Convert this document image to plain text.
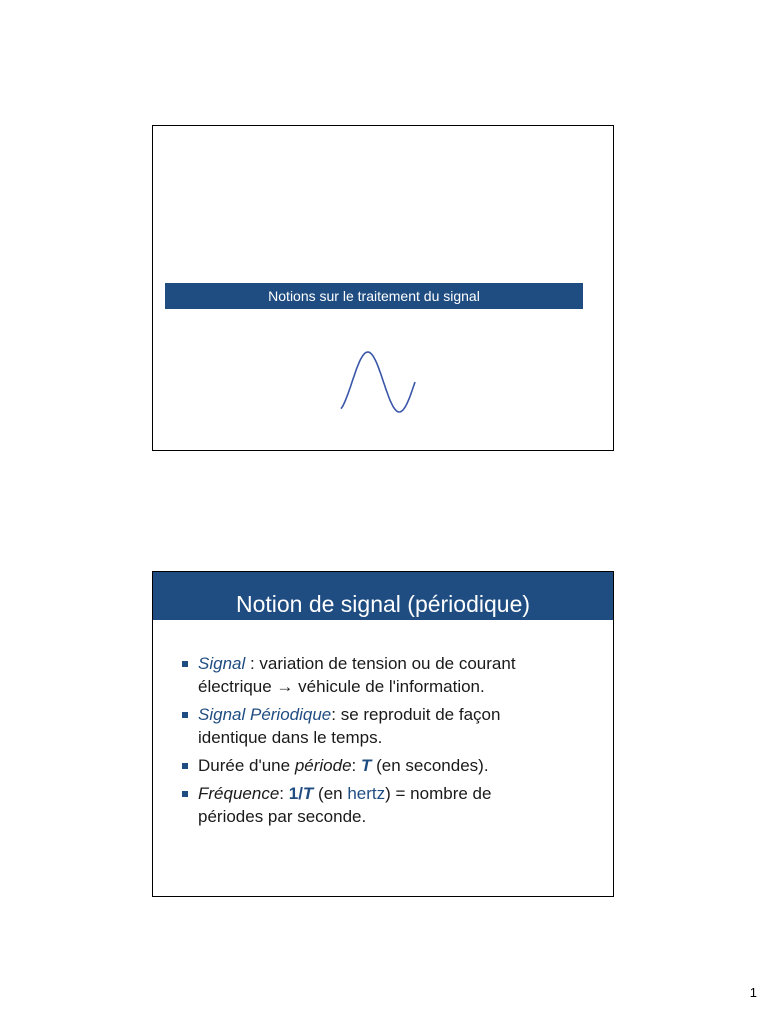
Notions sur le traitement du signal
Notion de signal (périodique)
Signal : variation de tension ou de courant
électrique → véhicule de l'information.
Signal Périodique: se reproduit de façon
identique dans le temps.
Durée d'une période: T (en secondes).
Fréquence: 1/T (en hertz) = nombre de
périodes par seconde.
1
